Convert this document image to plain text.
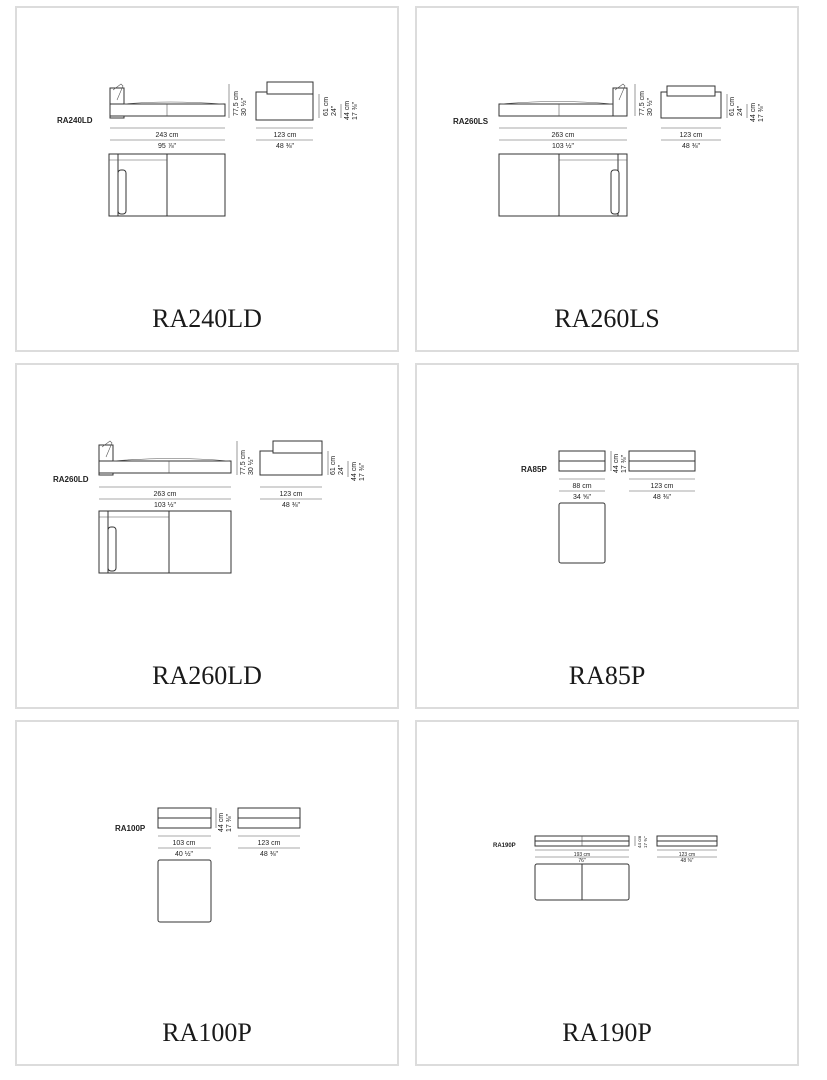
RA240LD
77,5 cm 30 ½"	61 cm 24" 44 cm 17 ⅜"
243 cm
95 ⅞"
123 cm
48 ⅜"
RA240LD
RA260LS
77,5 cm 30 ½"	61 cm 24" 44 cm 17 ⅜"
263 cm
103 ½"
123 cm
48 ⅜"
RA260LS
RA260LD
77,5 cm 30 ½"	61 cm 24" 44 cm 17 ⅜"
263 cm
103 ½"
123 cm
48 ⅜"
RA260LD
RA85P	44 cm 17 ⅜"
88 cm
34 ⅝"
123 cm
48 ⅜"
RA85P
RA100P	44 cm 17 ⅜"
103 cm
40 ½"
123 cm
48 ⅜"
RA100P
RA190P	44 cm 17 ⅜"
193 cm
76"
123 cm
48 ⅜"
RA190P
